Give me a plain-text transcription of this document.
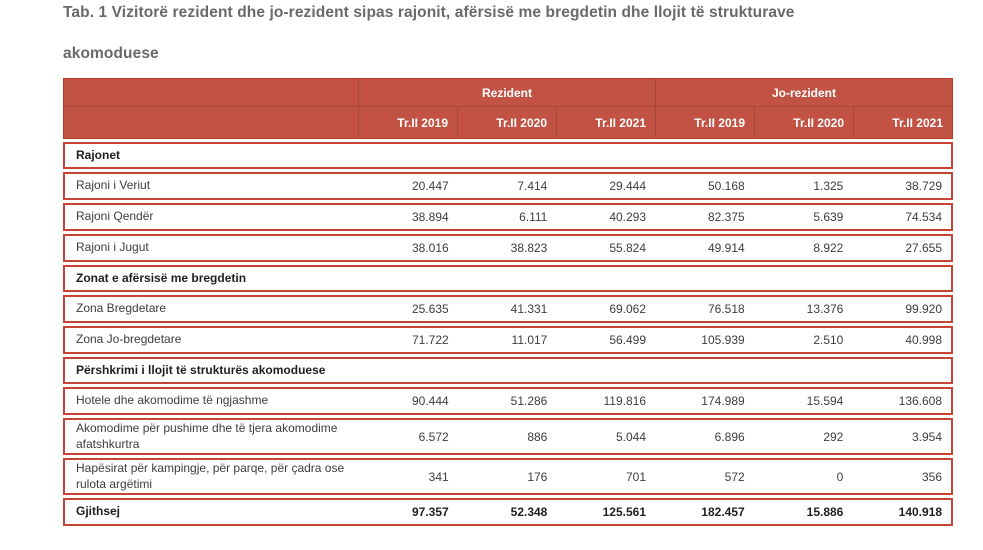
Tab. 1 Vizitorë rezident dhe jo-rezident sipas rajonit, afërsisë me bregdetin dhe llojit të strukturave
akomoduese
Rezident	Jo-rezident
Tr.II 2019	Tr.II 2020	Tr.II 2021	Tr.II 2019	Tr.II 2020	Tr.II 2021
Rajonet
Rajoni i Veriut	20.447	7.414	29.444	50.168	1.325	38.729
Rajoni Qendër	38.894	6.111	40.293	82.375	5.639	74.534
Rajoni i Jugut	38.016	38.823	55.824	49.914	8.922	27.655
Zonat e afërsisë me bregdetin
Zona Bregdetare	25.635	41.331	69.062	76.518	13.376	99.920
Zona Jo-bregdetare	71.722	11.017	56.499	105.939	2.510	40.998
Përshkrimi i llojit të strukturës akomoduese
Hotele dhe akomodime të ngjashme	90.444	51.286	119.816	174.989	15.594	136.608
Akomodime për pushime dhe të tjera akomodime afatshkurtra	6.572	886	5.044	6.896	292	3.954
Hapësirat për kampingje, për parqe, për çadra ose rulota argëtimi	341	176	701	572	0	356
Gjithsej	97.357	52.348	125.561	182.457	15.886	140.918
